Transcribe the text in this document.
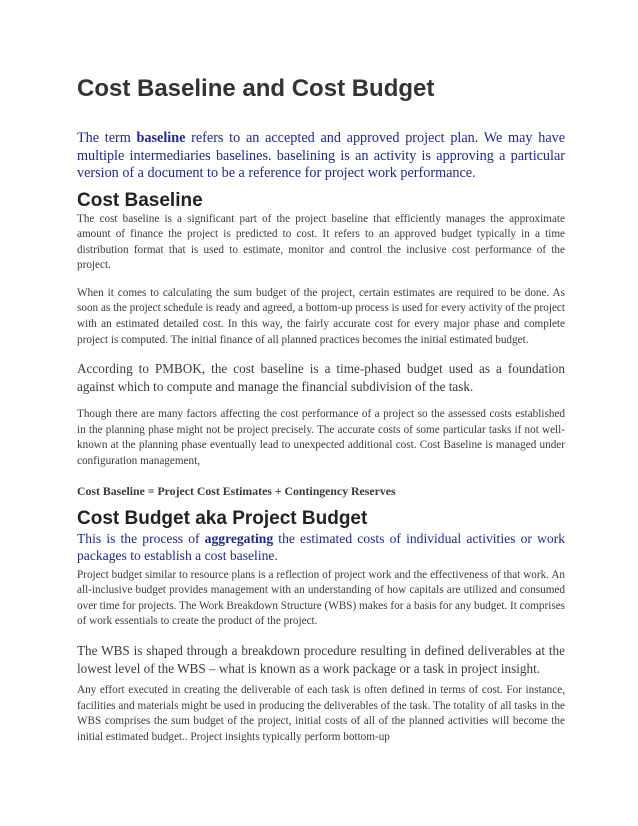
Cost Baseline and Cost Budget

The term baseline refers to an accepted and approved project plan. We may have multiple intermediaries baselines. baselining is an activity is approving a particular version of a document to be a reference for project work performance.

Cost Baseline

The cost baseline is a significant part of the project baseline that efficiently manages the approximate amount of finance the project is predicted to cost. It refers to an approved budget typically in a time distribution format that is used to estimate, monitor and control the inclusive cost performance of the project.

When it comes to calculating the sum budget of the project, certain estimates are required to be done. As soon as the project schedule is ready and agreed, a bottom-up process is used for every activity of the project with an estimated detailed cost. In this way, the fairly accurate cost for every major phase and complete project is computed. The initial finance of all planned practices becomes the initial estimated budget.

According to PMBOK, the cost baseline is a time-phased budget used as a foundation against which to compute and manage the financial subdivision of the task.

Though there are many factors affecting the cost performance of a project so the assessed costs established in the planning phase might not be project precisely. The accurate costs of some particular tasks if not well-known at the planning phase eventually lead to unexpected additional cost. Cost Baseline is managed under configuration management,

Cost Baseline = Project Cost Estimates + Contingency Reserves

Cost Budget aka Project Budget

This is the process of aggregating the estimated costs of individual activities or work packages to establish a cost baseline.

Project budget similar to resource plans is a reflection of project work and the effectiveness of that work. An all-inclusive budget provides management with an understanding of how capitals are utilized and consumed over time for projects. The Work Breakdown Structure (WBS) makes for a basis for any budget. It comprises of work essentials to create the product of the project.

The WBS is shaped through a breakdown procedure resulting in defined deliverables at the lowest level of the WBS – what is known as a work package or a task in project insight.

Any effort executed in creating the deliverable of each task is often defined in terms of cost. For instance, facilities and materials might be used in producing the deliverables of the task. The totality of all tasks in the WBS comprises the sum budget of the project, initial costs of all of the planned activities will become the initial estimated budget.. Project insights typically perform bottom-up
